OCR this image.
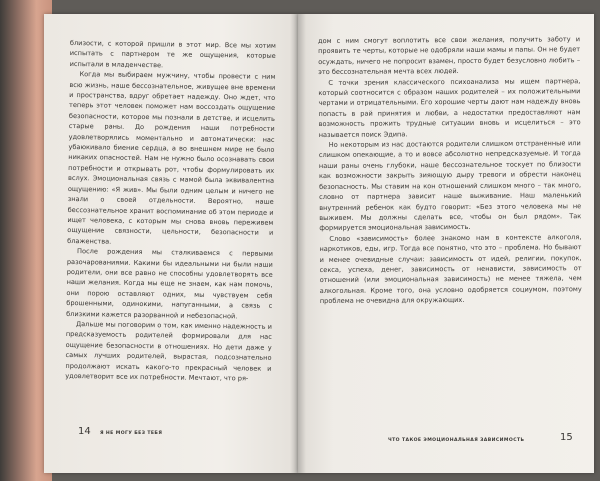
близости, с которой пришли в этот мир. Все мы хотим испытать с партнером те же ощущения, которые испытали в младенчестве.

Когда мы выбираем мужчину, чтобы провести с ним всю жизнь, наше бессознательное, живущее вне времени и пространства, вдруг обретает надежду. Оно ждет, что теперь этот человек поможет нам воссоздать ощущение безопасности, которое мы познали в детстве, и исцелить старые раны. До рождения наши потребности удовлетворялись моментально и автоматически: нас убаюкивало биение сердца, а во внешнем мире не было никаких опасностей. Нам не нужно было осознавать свои потребности и открывать рот, чтобы формулировать их вслух. Эмоциональная связь с мамой была эквивалентна ощущению: «Я жив». Мы были одним целым и ничего не знали о своей отдельности. Вероятно, наше бессознательное хранит воспоминание об этом периоде и ищет человека, с которым мы снова вновь переживем ощущение связности, цельности, безопасности и блаженства.

После рождения мы сталкиваемся с первыми разочарованиями. Какими бы идеальными ни были наши родители, они все равно не способны удовлетворять все наши желания. Когда мы еще не знаем, как нам помочь, они порою оставляют одних, мы чувствуем себя брошенными, одинокими, напуганными, а связь с близкими кажется разорванной и небезопасной.

Дальше мы поговорим о том, как именно надежность и предсказуемость родителей формировали для нас ощущение безопасности в отношениях. Но дети даже у самых лучших родителей, вырастая, подсознательно продолжают искать какого-то прекрасный человек и удовлетворит все их потребности. Мечтают, что ря-

дом с ним смогут воплотить все свои желания, получить заботу и проявить те черты, которые не одобряли наши мамы и папы. Он не будет осуждать, ничего не попросит взамен, просто будет безусловно любить – это бессознательная мечта всех людей.

С точки зрения классического психоанализа мы ищем партнера, который соотносится с образом наших родителей – их положительными чертами и отрицательными. Его хорошие черты дают нам надежду вновь попасть в рай принятия и любви, а недостатки предоставляют нам возможность прожить трудные ситуации вновь и исцелиться – это называется поиск Эдипа.

Но некоторым из нас достаются родители слишком отстраненные или слишком опекающие, а то и вовсе абсолютно непредсказуемые. И тогда наши раны очень глубоки, наше бессознательное тоскует по близости как возможности закрыть зияющую дыру тревоги и обрести наконец безопасность. Мы ставим на кон отношений слишком много – так много, словно от партнера зависит наше выживание. Наш маленький внутренний ребенок как будто говорит: «Без этого человека мы не выживем. Мы должны сделать все, чтобы он был рядом». Так формируется эмоциональная зависимость.

Слово «зависимость» более знакомо нам в контексте алкоголя, наркотиков, еды, игр. Тогда все понятно, что это – проблема. Но бывают и менее очевидные случаи: зависимость от идей, религии, покупок, секса, успеха, денег, зависимость от ненависти, зависимость от отношений (или эмоциональная зависимость) не менее тяжела, чем алкогольная. Кроме того, она условно одобряется социумом, поэтому проблема не очевидна для окружающих.

14 Я НЕ МОГУ БЕЗ ТЕБЯ
ЧТО ТАКОЕ ЭМОЦИОНАЛЬНАЯ ЗАВИСИМОСТЬ	15
